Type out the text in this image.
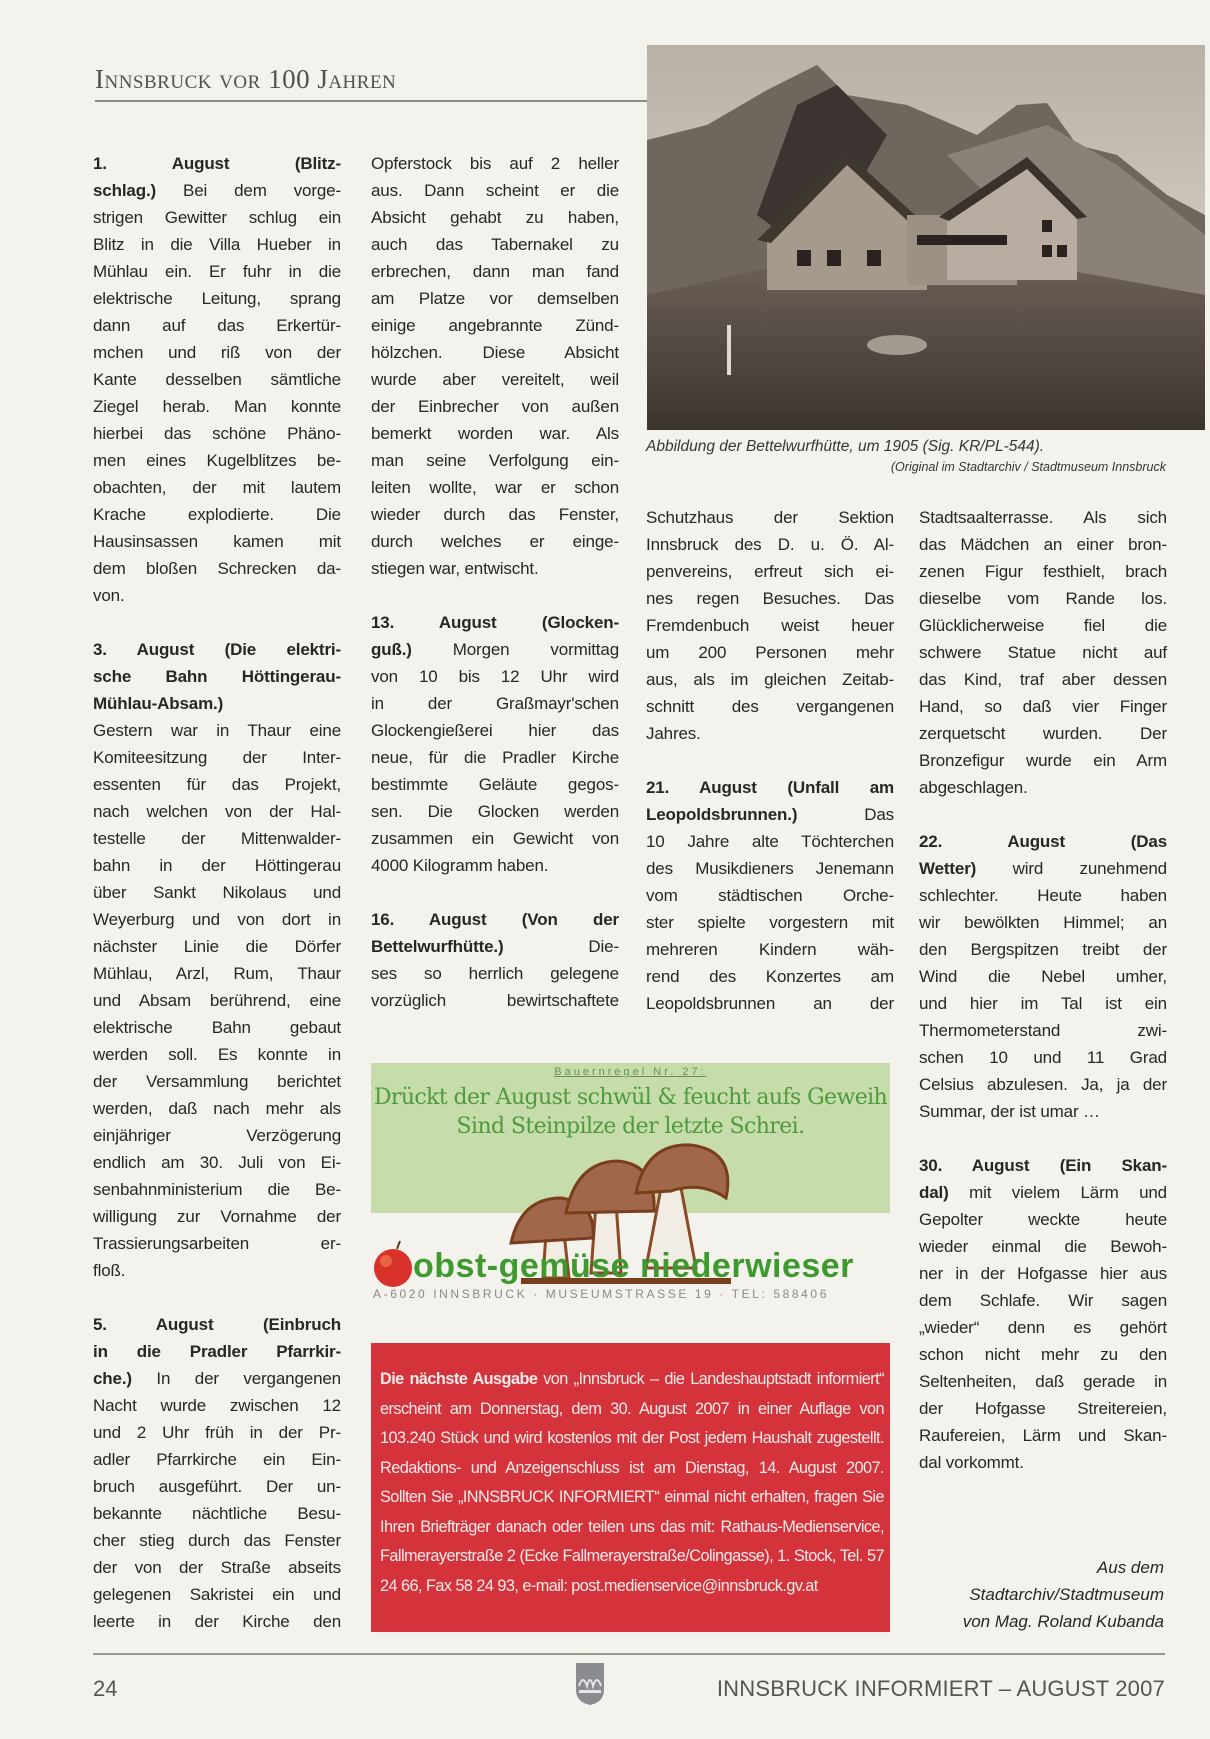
Innsbruck vor 100 Jahren
Abbildung der Bettelwurfhütte, um 1905 (Sig. KR/PL-544).
(Original im Stadtarchiv / Stadtmuseum Innsbruck
1. August (Blitz-
schlag.) Bei dem vorge-
strigen Gewitter schlug ein
Blitz in die Villa Hueber in
Mühlau ein. Er fuhr in die
elektrische Leitung, sprang
dann auf das Erkertür-
mchen und riß von der
Kante desselben sämtliche
Ziegel herab. Man konnte
hierbei das schöne Phäno-
men eines Kugelblitzes be-
obachten, der mit lautem
Krache explodierte. Die
Hausinsassen kamen mit
dem bloßen Schrecken da-
von.
3. August (Die elektri-
sche Bahn Höttingerau-
Mühlau-Absam.)
Gestern war in Thaur eine
Komiteesitzung der Inter-
essenten für das Projekt,
nach welchen von der Hal-
testelle der Mittenwalder-
bahn in der Höttingerau
über Sankt Nikolaus und
Weyerburg und von dort in
nächster Linie die Dörfer
Mühlau, Arzl, Rum, Thaur
und Absam berührend, eine
elektrische Bahn gebaut
werden soll. Es konnte in
der Versammlung berichtet
werden, daß nach mehr als
einjähriger Verzögerung
endlich am 30. Juli von Ei-
senbahnministerium die Be-
willigung zur Vornahme der
Trassierungsarbeiten er-
floß.
5. August (Einbruch
in die Pradler Pfarrkir-
che.) In der vergangenen
Nacht wurde zwischen 12
und 2 Uhr früh in der Pr-
adler Pfarrkirche ein Ein-
bruch ausgeführt. Der un-
bekannte nächtliche Besu-
cher stieg durch das Fenster
der von der Straße abseits
gelegenen Sakristei ein und
leerte in der Kirche den
Opferstock bis auf 2 heller
aus. Dann scheint er die
Absicht gehabt zu haben,
auch das Tabernakel zu
erbrechen, dann man fand
am Platze vor demselben
einige angebrannte Zünd-
hölzchen. Diese Absicht
wurde aber vereitelt, weil
der Einbrecher von außen
bemerkt worden war. Als
man seine Verfolgung ein-
leiten wollte, war er schon
wieder durch das Fenster,
durch welches er einge-
stiegen war, entwischt.
13. August (Glocken-
guß.) Morgen vormittag
von 10 bis 12 Uhr wird
in der Graßmayr'schen
Glockengießerei hier das
neue, für die Pradler Kirche
bestimmte Geläute gegos-
sen. Die Glocken werden
zusammen ein Gewicht von
4000 Kilogramm haben.
16. August (Von der
Bettelwurfhütte.) Die-
ses so herrlich gelegene
vorzüglich bewirtschaftete
Schutzhaus der Sektion
Innsbruck des D. u. Ö. Al-
penvereins, erfreut sich ei-
nes regen Besuches. Das
Fremdenbuch weist heuer
um 200 Personen mehr
aus, als im gleichen Zeitab-
schnitt des vergangenen
Jahres.
21. August (Unfall am
Leopoldsbrunnen.) Das
10 Jahre alte Töchterchen
des Musikdieners Jenemann
vom städtischen Orche-
ster spielte vorgestern mit
mehreren Kindern wäh-
rend des Konzertes am
Leopoldsbrunnen an der
Stadtsaalterrasse. Als sich
das Mädchen an einer bron-
zenen Figur festhielt, brach
dieselbe vom Rande los.
Glücklicherweise fiel die
schwere Statue nicht auf
das Kind, traf aber dessen
Hand, so daß vier Finger
zerquetscht wurden. Der
Bronzefigur wurde ein Arm
abgeschlagen.
22. August (Das
Wetter) wird zunehmend
schlechter. Heute haben
wir bewölkten Himmel; an
den Bergspitzen treibt der
Wind die Nebel umher,
und hier im Tal ist ein
Thermometerstand zwi-
schen 10 und 11 Grad
Celsius abzulesen. Ja, ja der
Summar, der ist umar …
30. August (Ein Skan-
dal) mit vielem Lärm und
Gepolter weckte heute
wieder einmal die Bewoh-
ner in der Hofgasse hier aus
dem Schlafe. Wir sagen
„wieder“ denn es gehört
schon nicht mehr zu den
Seltenheiten, daß gerade in
der Hofgasse Streitereien,
Raufereien, Lärm und Skan-
dal vorkommt.
Aus dem
Stadtarchiv/Stadtmuseum
von Mag. Roland Kubanda
Bauernregel Nr. 27:
Drückt der August schwül & feucht aufs Geweih
Sind Steinpilze der letzte Schrei.
obst-gemüse niederwieser
A-6020 INNSBRUCK · MUSEUMSTRASSE 19 · TEL: 588406
Die nächste Ausgabe von „Innsbruck – die Landeshauptstadt informiert“ erscheint am Donnerstag, dem 30. August 2007 in einer Auflage von 103.240 Stück und wird kostenlos mit der Post jedem Haushalt zugestellt. Redaktions- und Anzeigenschluss ist am Dienstag, 14. August 2007. Sollten Sie „INNSBRUCK INFORMIERT“ einmal nicht erhalten, fragen Sie Ihren Briefträger danach oder teilen uns das mit: Rathaus-Medienservice, Fallmerayerstraße 2 (Ecke Fallmerayerstraße/Colingasse), 1. Stock, Tel. 57 24 66, Fax 58 24 93, e-mail: post.medienservice@innsbruck.gv.at
24	INNSBRUCK INFORMIERT – AUGUST 2007
